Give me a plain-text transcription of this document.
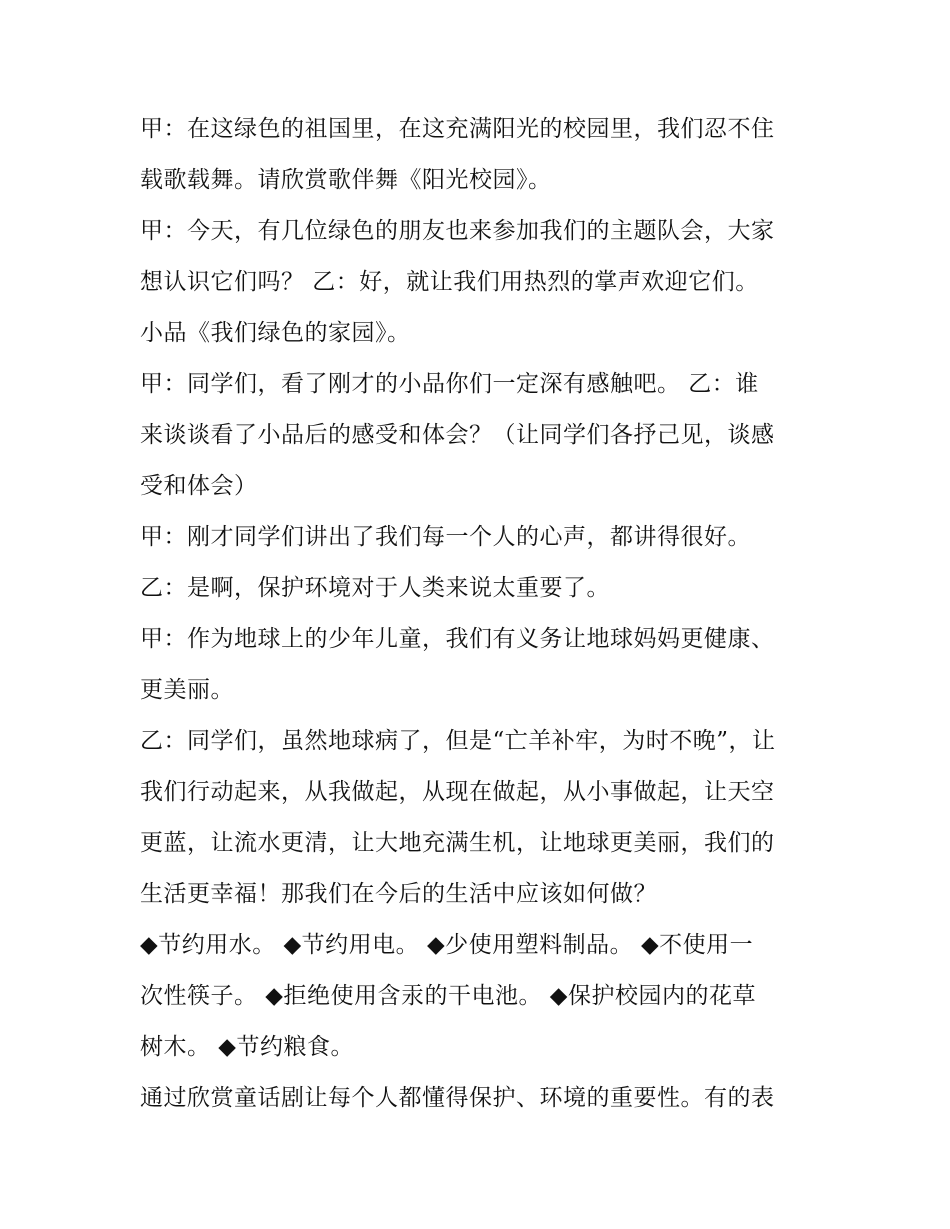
甲：在这绿色的祖国里，在这充满阳光的校园里，我们忍不住
载歌载舞。请欣赏歌伴舞《阳光校园》。
甲：今天，有几位绿色的朋友也来参加我们的主题队会，大家
想认识它们吗？ 乙：好，就让我们用热烈的掌声欢迎它们。
小品《我们绿色的家园》。
甲：同学们，看了刚才的小品你们一定深有感触吧。 乙：谁
来谈谈看了小品后的感受和体会？（让同学们各抒己见，谈感
受和体会）
甲：刚才同学们讲出了我们每一个人的心声，都讲得很好。
乙：是啊，保护环境对于人类来说太重要了。
甲：作为地球上的少年儿童，我们有义务让地球妈妈更健康、
更美丽。
乙：同学们，虽然地球病了，但是“亡羊补牢，为时不晚”，让
我们行动起来，从我做起，从现在做起，从小事做起，让天空
更蓝，让流水更清，让大地充满生机，让地球更美丽，我们的
生活更幸福！那我们在今后的生活中应该如何做？
◆节约用水。 ◆节约用电。 ◆少使用塑料制品。 ◆不使用一
次性筷子。 ◆拒绝使用含汞的干电池。 ◆保护校园内的花草
树木。 ◆节约粮食。
通过欣赏童话剧让每个人都懂得保护、环境的重要性。有的表
